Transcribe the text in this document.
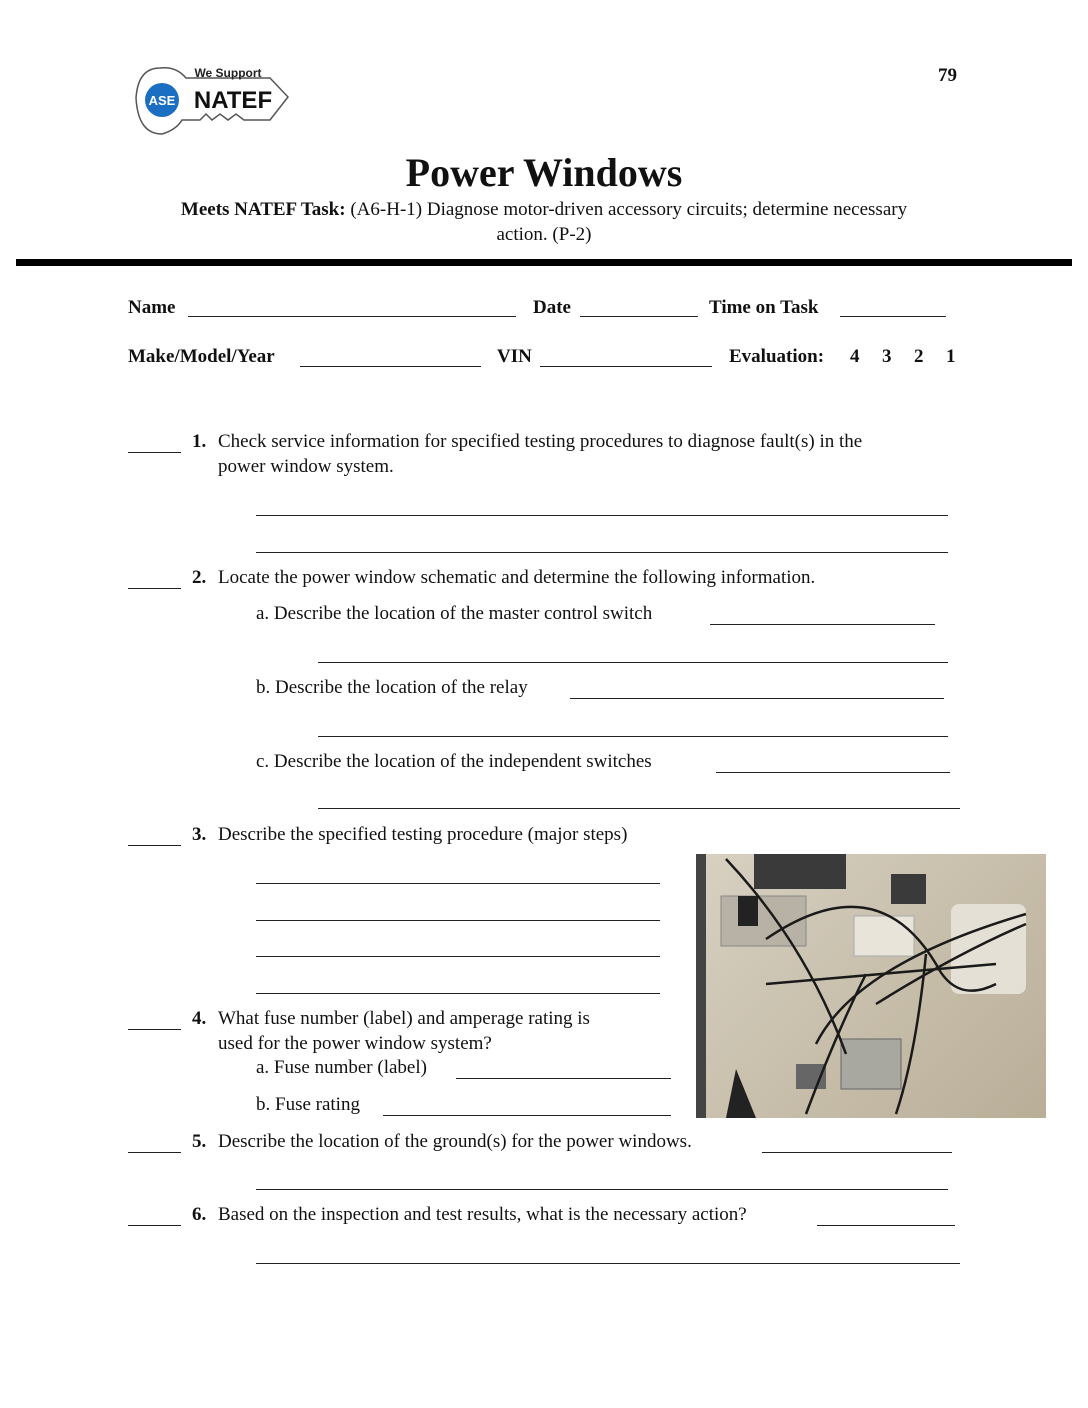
79
ASE
We Support
NATEF
Power Windows
Meets NATEF Task: (A6-H-1) Diagnose motor-driven accessory circuits; determine necessary
action. (P-2)
Name	Date	Time on Task
Make/Model/Year	VIN	Evaluation: 4 3 2 1
1. Check service information for specified testing procedures to diagnose fault(s) in the
power window system.
2. Locate the power window schematic and determine the following information.
a. Describe the location of the master control switch
b. Describe the location of the relay
c. Describe the location of the independent switches
3. Describe the specified testing procedure (major steps)
4. What fuse number (label) and amperage rating is
used for the power window system?
a. Fuse number (label)
b. Fuse rating
5. Describe the location of the ground(s) for the power windows.
6. Based on the inspection and test results, what is the necessary action?
